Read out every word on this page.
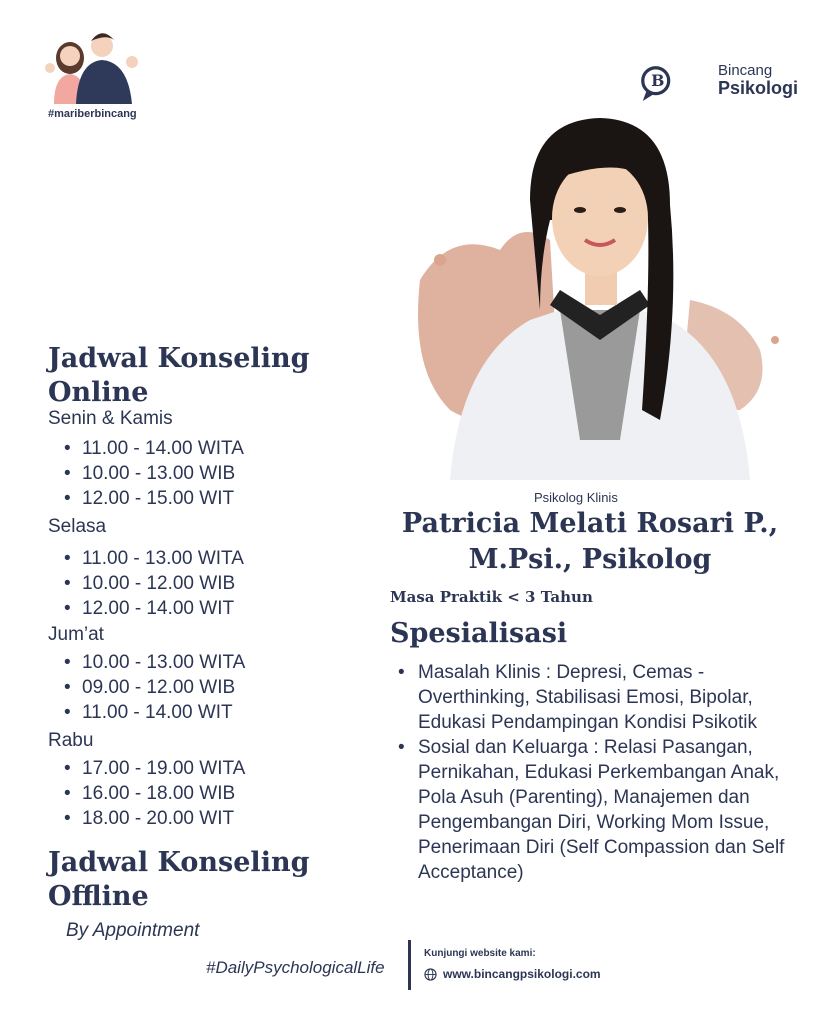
#mariberbincang
B
Bincang
Psikologi
Jadwal Konseling Online
Senin & Kamis
• 11.00 - 14.00 WITA
• 10.00 - 13.00 WIB
• 12.00 - 15.00 WIT
Selasa
• 11.00 - 13.00 WITA
• 10.00 - 12.00 WIB
• 12.00 - 14.00 WIT
Jum’at
• 10.00 - 13.00 WITA
• 09.00 - 12.00 WIB
• 11.00 - 14.00 WIT
Rabu
• 17.00 - 19.00 WITA
• 16.00 - 18.00 WIB
• 18.00 - 20.00 WIT
Jadwal Konseling Offline
By Appointment
Psikolog Klinis
Patricia Melati Rosari P.,
M.Psi., Psikolog
Masa Praktik < 3 Tahun
Spesialisasi
• Masalah Klinis : Depresi, Cemas - Overthinking, Stabilisasi Emosi, Bipolar, Edukasi Pendampingan Kondisi Psikotik
• Sosial dan Keluarga : Relasi Pasangan, Pernikahan, Edukasi Perkembangan Anak, Pola Asuh (Parenting), Manajemen dan Pengembangan Diri, Working Mom Issue, Penerimaan Diri (Self Compassion dan Self Acceptance)
#DailyPsychologicalLife
Kunjungi website kami:
www.bincangpsikologi.com
